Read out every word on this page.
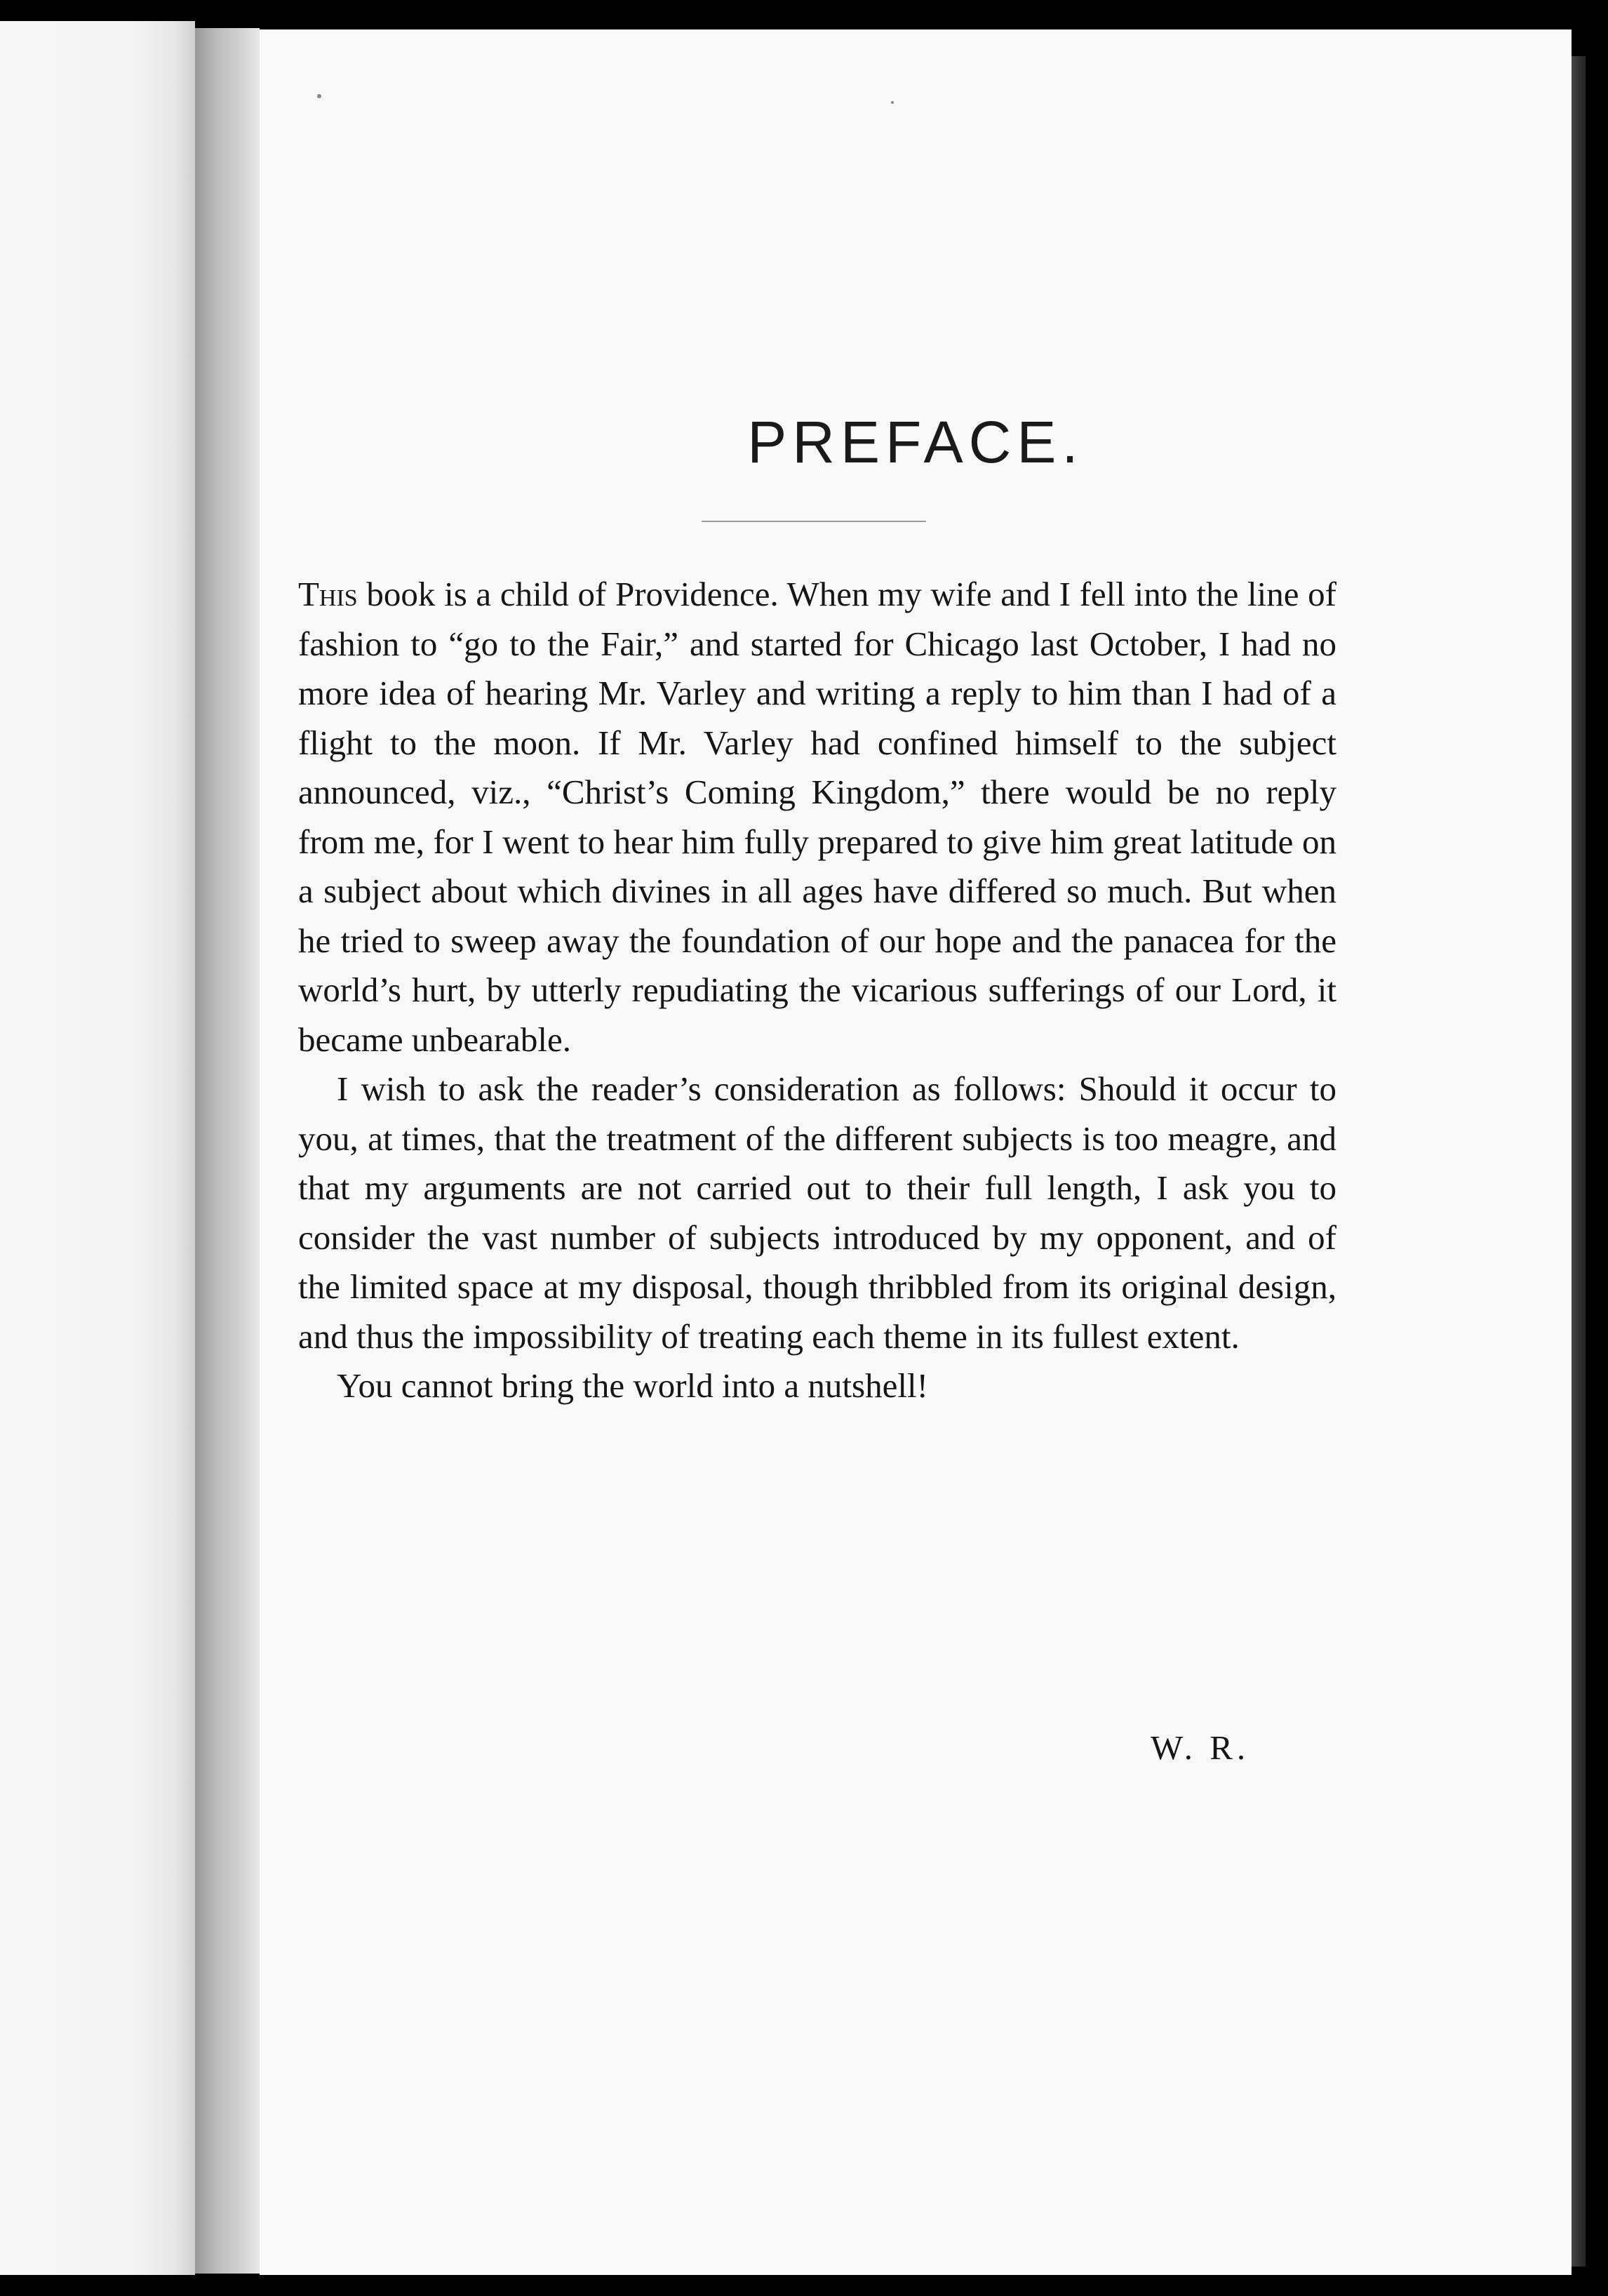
PREFACE.

This book is a child of Providence. When my wife and I fell into the line of fashion to “go to the Fair,” and started for Chicago last October, I had no more idea of hearing Mr. Varley and writing a reply to him than I had of a flight to the moon. If Mr. Varley had confined himself to the subject announced, viz., “Christ’s Coming Kingdom,” there would be no reply from me, for I went to hear him fully prepared to give him great latitude on a subject about which divines in all ages have differed so much. But when he tried to sweep away the foundation of our hope and the panacea for the world’s hurt, by utterly repudiating the vicarious sufferings of our Lord, it became unbearable.

I wish to ask the reader’s consideration as follows: Should it occur to you, at times, that the treatment of the different subjects is too meagre, and that my arguments are not carried out to their full length, I ask you to consider the vast number of subjects introduced by my opponent, and of the limited space at my disposal, though thribbled from its original design, and thus the impossibility of treating each theme in its fullest extent.

You cannot bring the world into a nutshell!

W. R.
